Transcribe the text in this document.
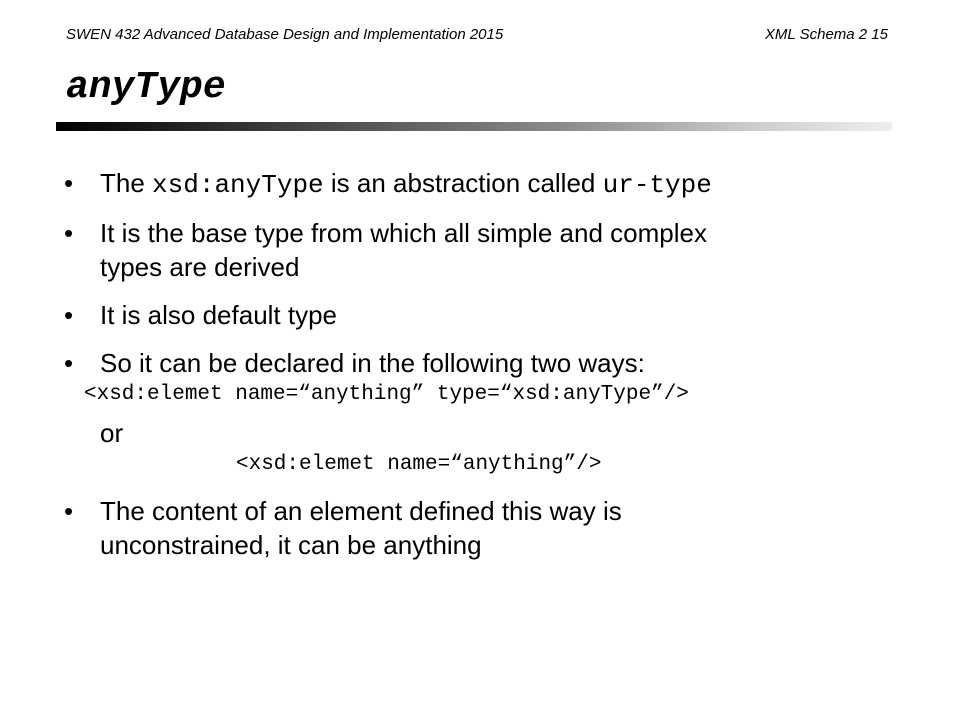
SWEN 432 Advanced Database Design and Implementation 2015	XML Schema 2 15
anyType
• The xsd:anyType is an abstraction called ur-type
• It is the base type from which all simple and complex
types are derived
• It is also default type
• So it can be declared in the following two ways:
<xsd:elemet name=“anything” type=“xsd:anyType”/>
or
<xsd:elemet name=“anything”/>
• The content of an element defined this way is
unconstrained, it can be anything
